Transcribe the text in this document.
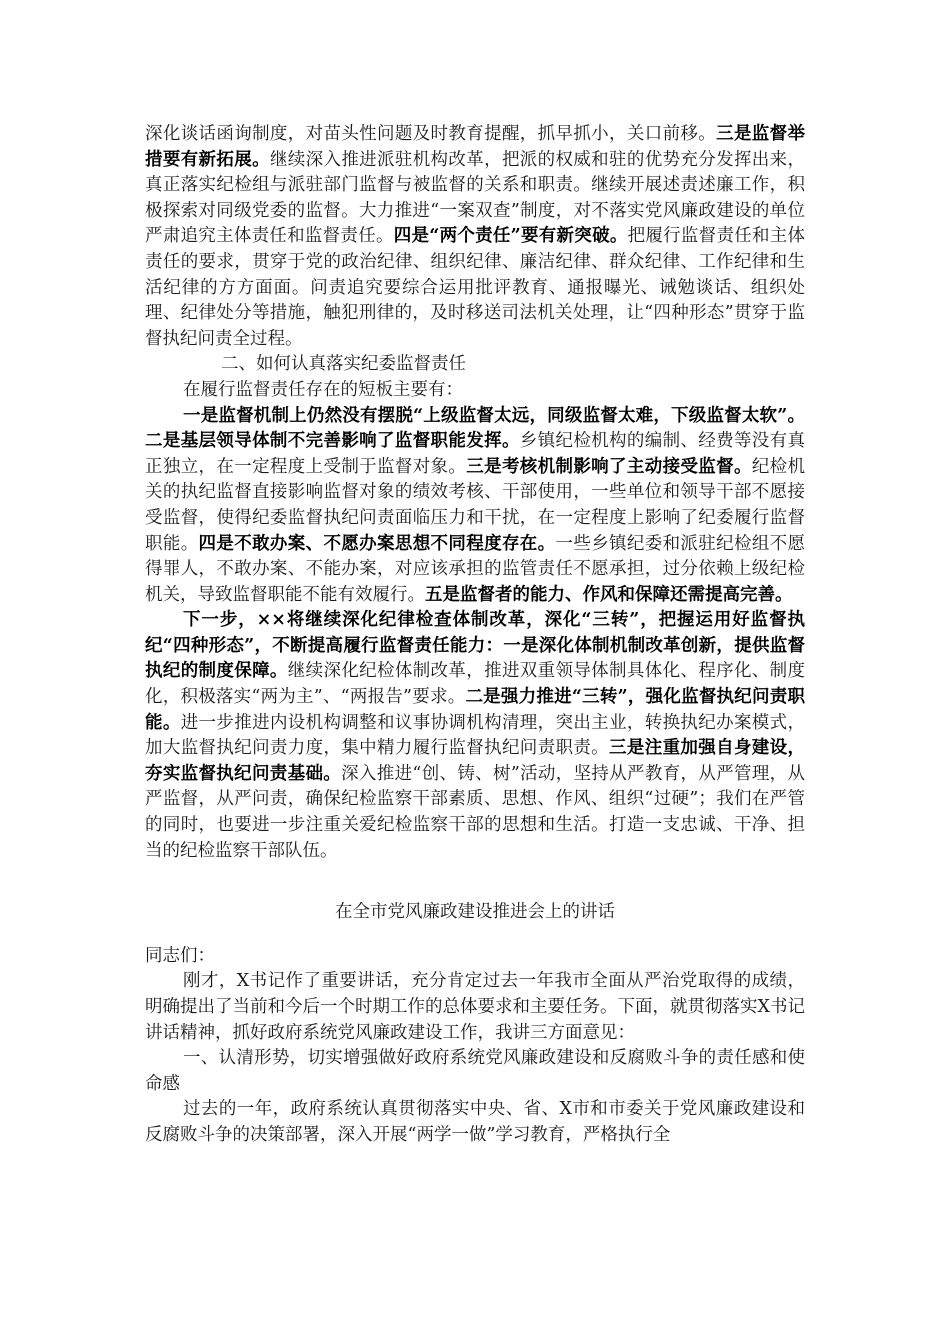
深化谈话函询制度，对苗头性问题及时教育提醒，抓早抓小，关口前移。三是监督举措要有新拓展。继续深入推进派驻机构改革，把派的权威和驻的优势充分发挥出来，真正落实纪检组与派驻部门监督与被监督的关系和职责。继续开展述责述廉工作，积极探索对同级党委的监督。大力推进“一案双查”制度，对不落实党风廉政建设的单位严肃追究主体责任和监督责任。四是“两个责任”要有新突破。把履行监督责任和主体责任的要求，贯穿于党的政治纪律、组织纪律、廉洁纪律、群众纪律、工作纪律和生活纪律的方方面面。问责追究要综合运用批评教育、通报曝光、诫勉谈话、组织处理、纪律处分等措施，触犯刑律的，及时移送司法机关处理，让“四种形态”贯穿于监督执纪问责全过程。

二、如何认真落实纪委监督责任

在履行监督责任存在的短板主要有：

一是监督机制上仍然没有摆脱“上级监督太远，同级监督太难，下级监督太软”。二是基层领导体制不完善影响了监督职能发挥。乡镇纪检机构的编制、经费等没有真正独立，在一定程度上受制于监督对象。三是考核机制影响了主动接受监督。纪检机关的执纪监督直接影响监督对象的绩效考核、干部使用，一些单位和领导干部不愿接受监督，使得纪委监督执纪问责面临压力和干扰，在一定程度上影响了纪委履行监督职能。四是不敢办案、不愿办案思想不同程度存在。一些乡镇纪委和派驻纪检组不愿得罪人，不敢办案、不能办案，对应该承担的监管责任不愿承担，过分依赖上级纪检机关，导致监督职能不能有效履行。五是监督者的能力、作风和保障还需提高完善。

下一步，××将继续深化纪律检查体制改革，深化“三转”，把握运用好监督执纪“四种形态”，不断提高履行监督责任能力：一是深化体制机制改革创新，提供监督执纪的制度保障。继续深化纪检体制改革，推进双重领导体制具体化、程序化、制度化，积极落实“两为主”、“两报告”要求。二是强力推进“三转”，强化监督执纪问责职能。进一步推进内设机构调整和议事协调机构清理，突出主业，转换执纪办案模式，加大监督执纪问责力度，集中精力履行监督执纪问责职责。三是注重加强自身建设，夯实监督执纪问责基础。深入推进“创、铸、树”活动，坚持从严教育，从严管理，从严监督，从严问责，确保纪检监察干部素质、思想、作风、组织“过硬”；我们在严管的同时，也要进一步注重关爱纪检监察干部的思想和生活。打造一支忠诚、干净、担当的纪检监察干部队伍。

在全市党风廉政建设推进会上的讲话

同志们：

刚才，X书记作了重要讲话，充分肯定过去一年我市全面从严治党取得的成绩，明确提出了当前和今后一个时期工作的总体要求和主要任务。下面，就贯彻落实X书记讲话精神，抓好政府系统党风廉政建设工作，我讲三方面意见：

一、认清形势，切实增强做好政府系统党风廉政建设和反腐败斗争的责任感和使命感

过去的一年，政府系统认真贯彻落实中央、省、X市和市委关于党风廉政建设和反腐败斗争的决策部署，深入开展“两学一做”学习教育，严格执行全
